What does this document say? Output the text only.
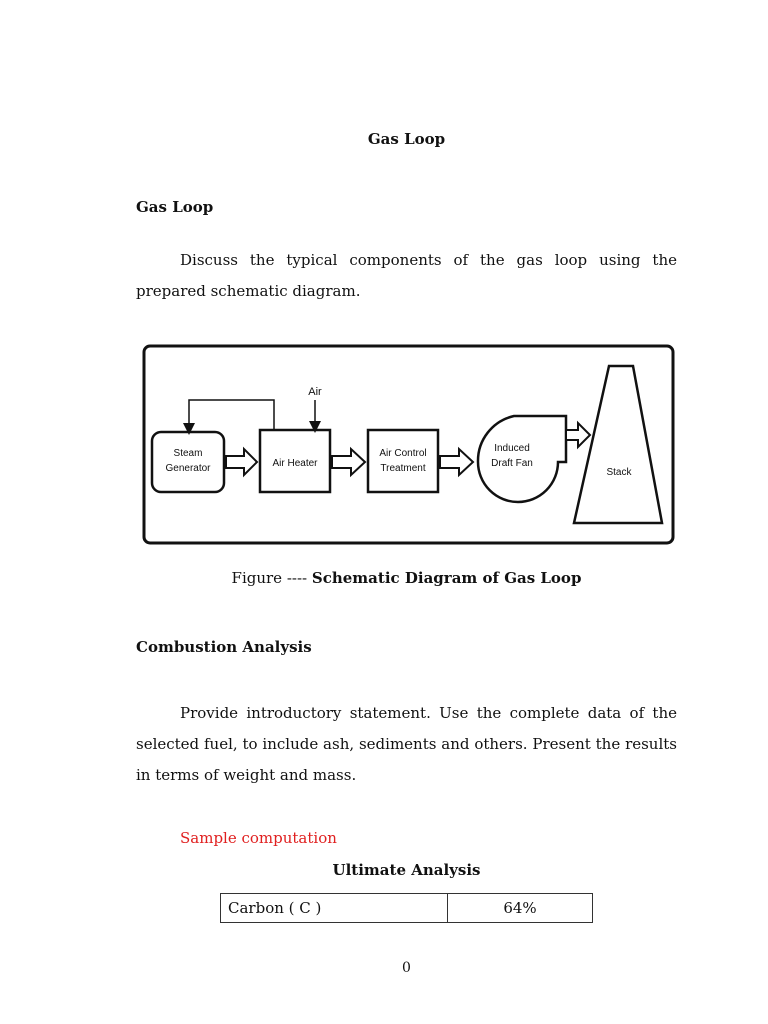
Gas Loop
Gas Loop

Discuss the typical components of the gas loop using the prepared schematic diagram.

Steam
Generator	Air Heater
Air
Air Control
Treatment
Induced
Draft Fan
Stack
Figure ---- Schematic Diagram of Gas Loop
Combustion Analysis

Provide introductory statement. Use the complete data of the selected fuel, to include ash, sediments and others. Present the results in terms of weight and mass.

Sample computation
Ultimate Analysis
Carbon ( C )	64%
0
